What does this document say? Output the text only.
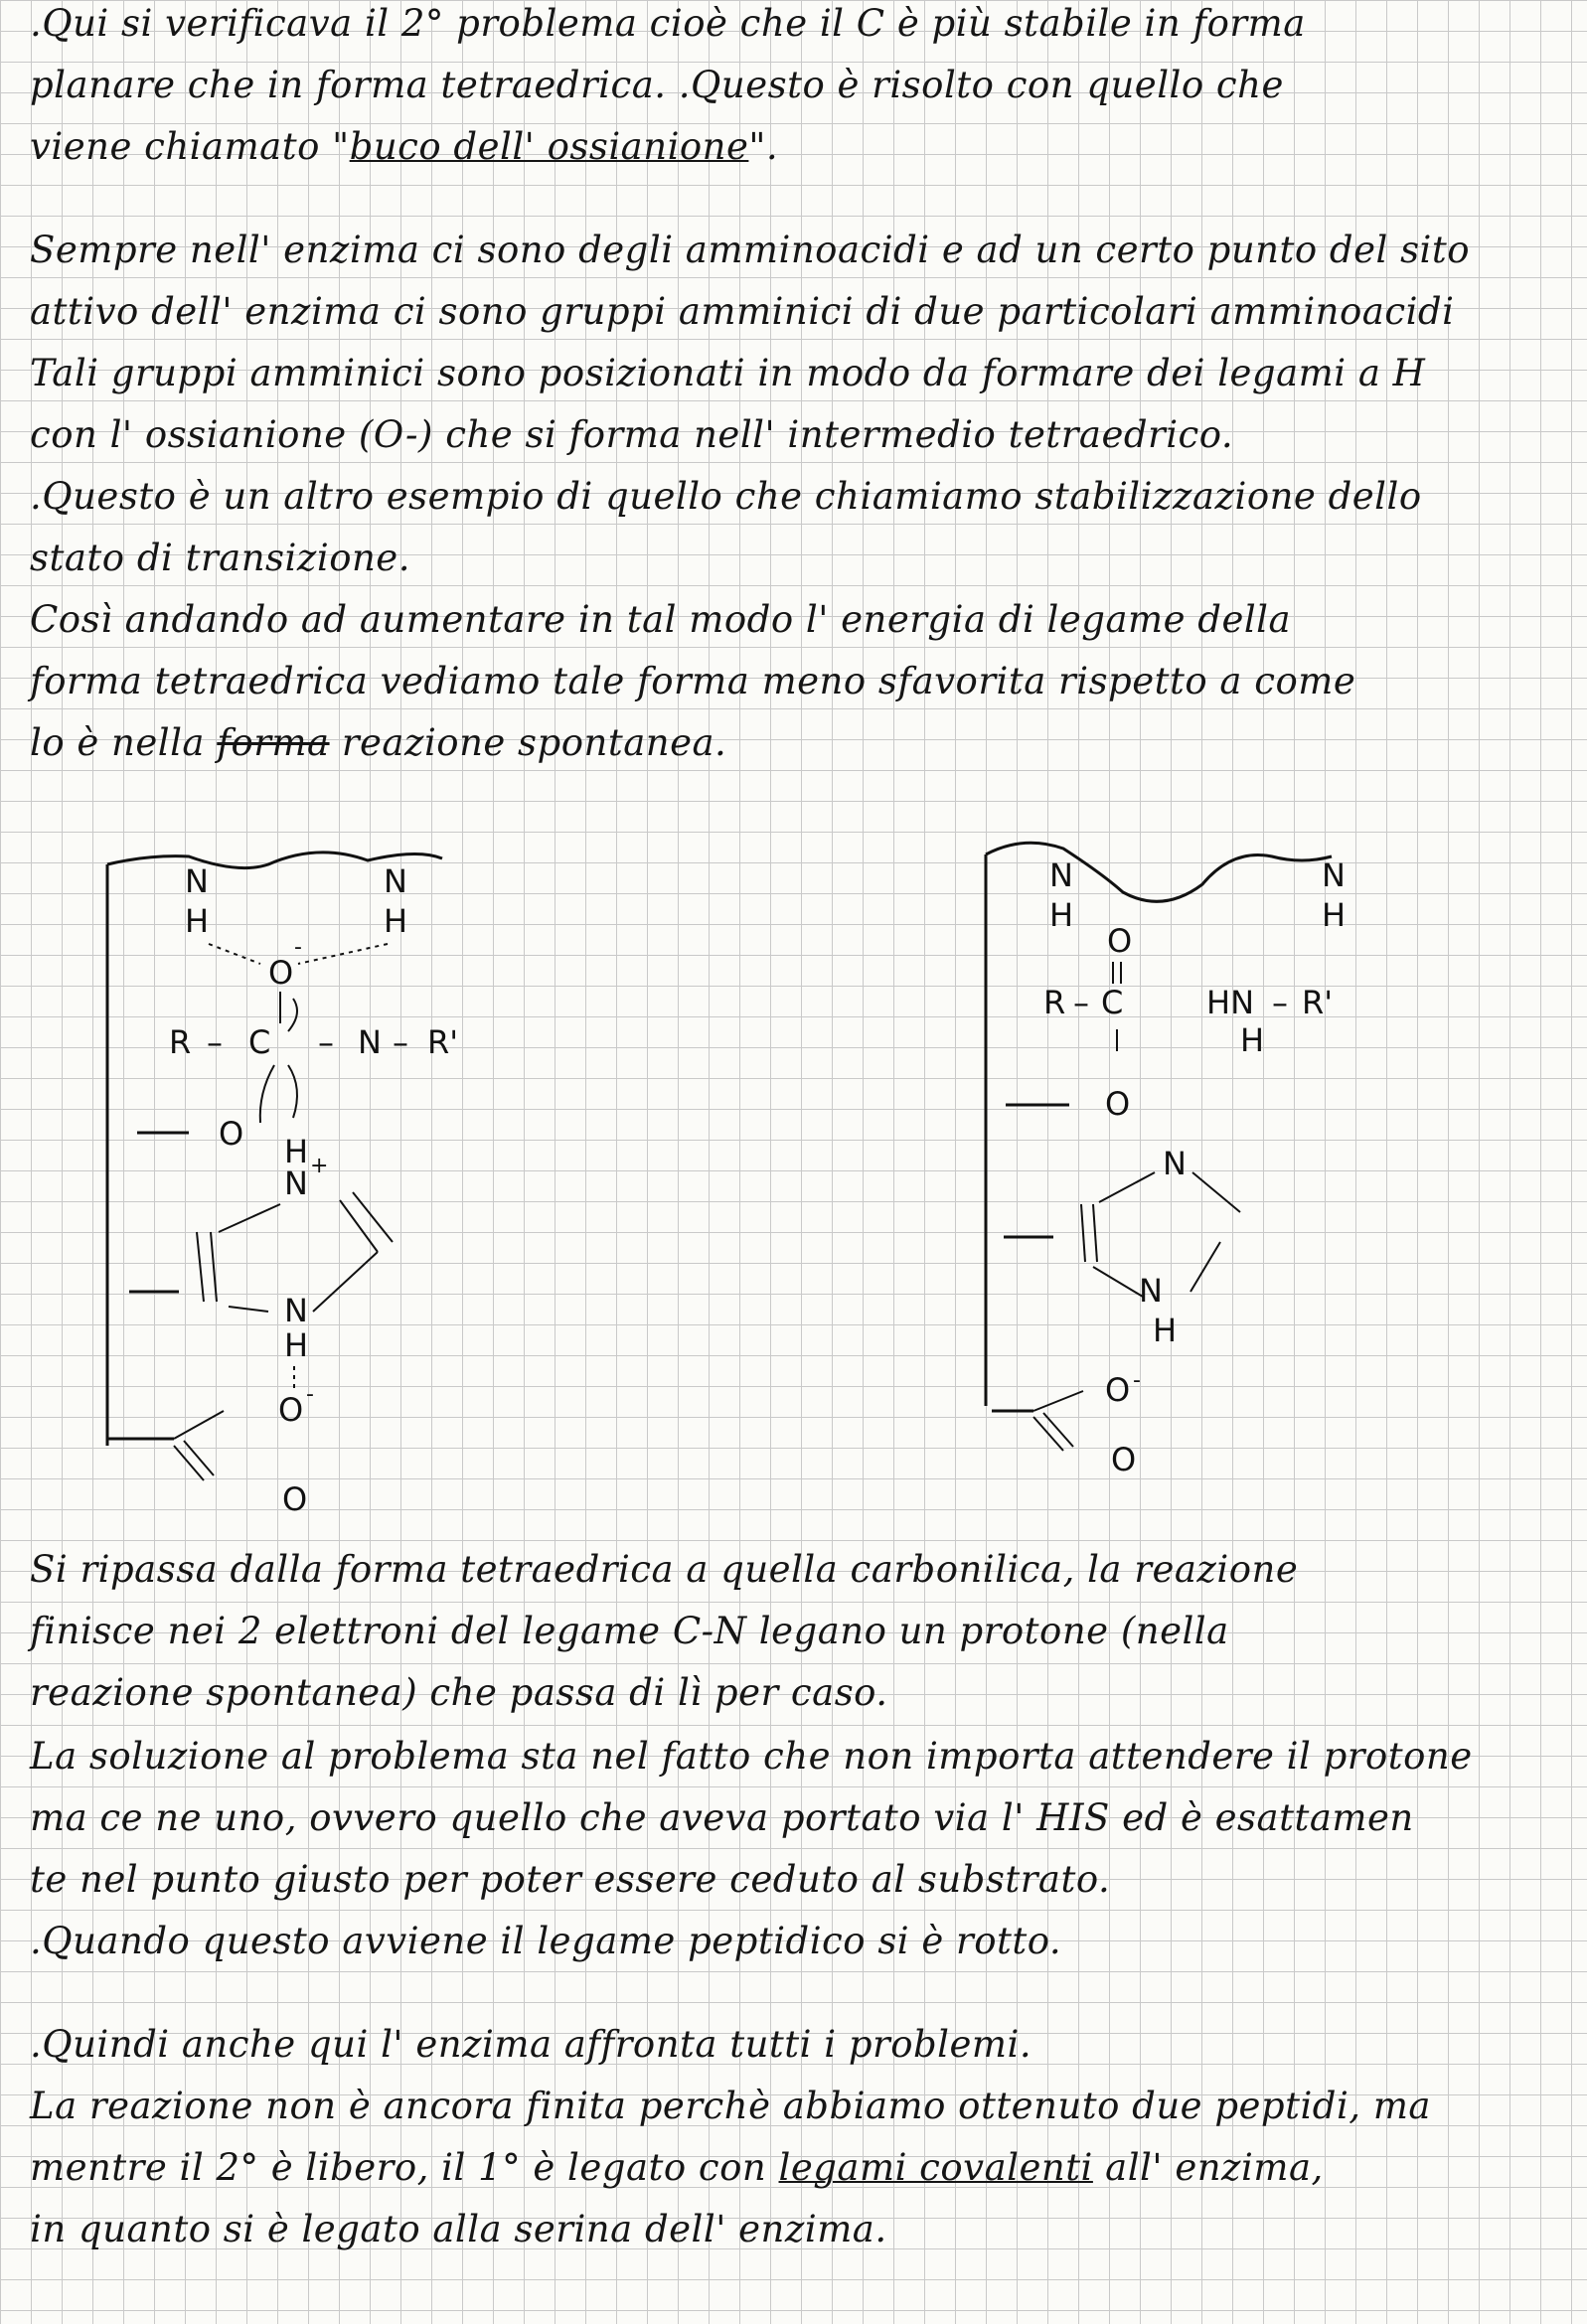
.Qui si verificava il 2° problema cioè che il C è più stabile in forma
planare che in forma tetraedrica. .Questo è risolto con quello che
viene chiamato "buco dell' ossianione".
Sempre nell' enzima ci sono degli amminoacidi e ad un certo punto del sito
attivo dell' enzima ci sono gruppi amminici di due particolari amminoacidi
Tali gruppi amminici sono posizionati in modo da formare dei legami a H
con l' ossianione (O-) che si forma nell' intermedio tetraedrico.
.Questo è un altro esempio di quello che chiamiamo stabilizzazione dello
stato di transizione.
Così andando ad aumentare in tal modo l' energia di legame della
forma tetraedrica vediamo tale forma meno sfavorita rispetto a come
lo è nella forma reazione spontanea.
Si ripassa dalla forma tetraedrica a quella carbonilica, la reazione
finisce nei 2 elettroni del legame C-N legano un protone (nella
reazione spontanea) che passa di lì per caso.
La soluzione al problema sta nel fatto che non importa attendere il protone
ma ce ne uno, ovvero quello che aveva portato via l' HIS ed è esattamen
te nel punto giusto per poter essere ceduto al substrato.
.Quando questo avviene il legame peptidico si è rotto.
.Quindi anche qui l' enzima affronta tutti i problemi.
La reazione non è ancora finita perchè abbiamo ottenuto due peptidi, ma
mentre il 2° è libero, il 1° è legato con legami covalenti all' enzima,
in quanto si è legato alla serina dell' enzima.
N
H
N
H
O
-
R – C – N R'
–
O H
N +
N
H
O -
O
N
H
N
H
O
R – C	HN – R'
H
O
N
N
H
O -
O
